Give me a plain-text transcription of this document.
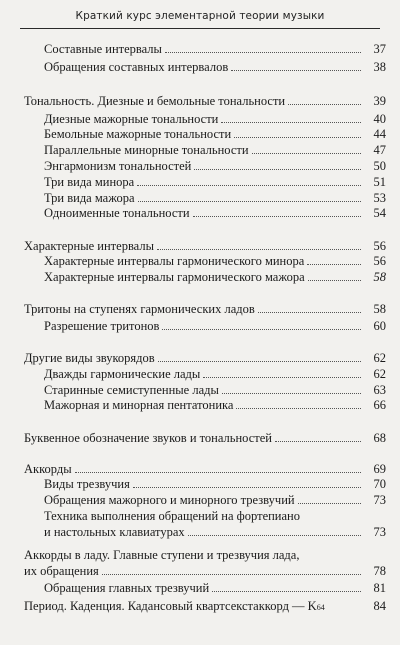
Краткий курс элементарной теории музыки
Составные интервалы	37
Обращения составных интервалов	38
Тональность. Диезные и бемольные тональности	39
Диезные мажорные тональности	40
Бемольные мажорные тональности	44
Параллельные минорные тональности	47
Энгармонизм тональностей	50
Три вида минора	51
Три вида мажора	53
Одноименные тональности	54
Характерные интервалы	56
Характерные интервалы гармонического минора	56
Характерные интервалы гармонического мажора	58
Тритоны на ступенях гармонических ладов	58
Разрешение тритонов	60
Другие виды звукорядов	62
Дважды гармонические лады	62
Старинные семиступенные лады	63
Мажорная и минорная пентатоника	66
Буквенное обозначение звуков и тональностей	68
Аккорды	69
Виды трезвучия	70
Обращения мажорного и минорного трезвучий	73
Техника выполнения обращений на фортепиано
и настольных клавиатурах	73
Аккорды в ладу. Главные ступени и трезвучия лада,
их обращения	78
Обращения главных трезвучий	81
Период. Каденция. Кадансовый квартсекстаккорд — K 64	84
